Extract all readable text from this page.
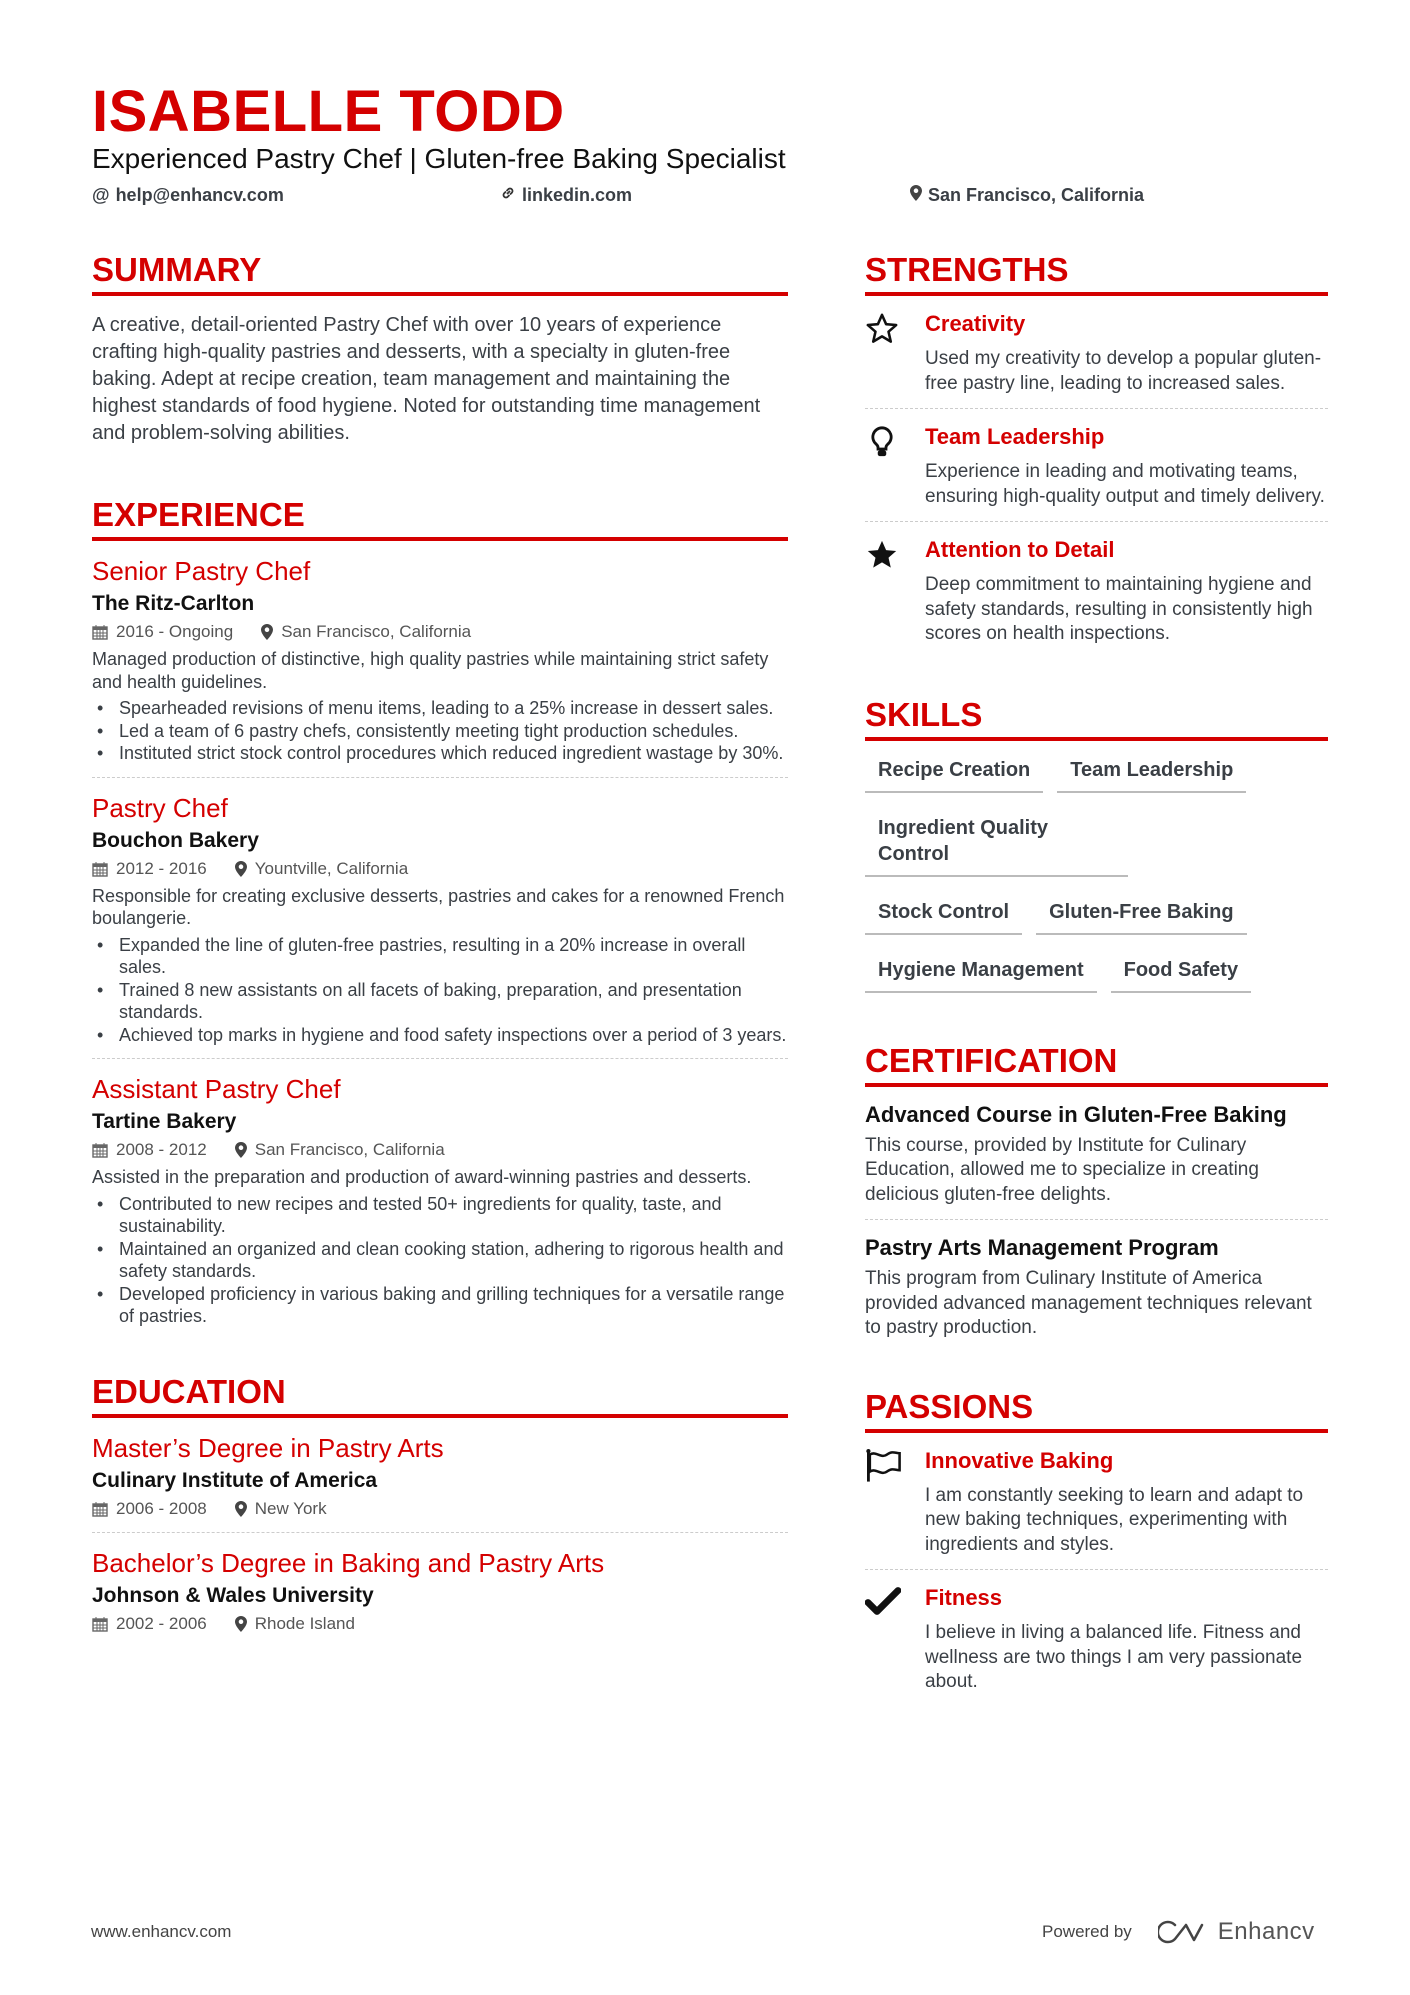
ISABELLE TODD
Experienced Pastry Chef | Gluten-free Baking Specialist
@ help@enhancv.com	linkedin.com	San Francisco, California
SUMMARY

A creative, detail-oriented Pastry Chef with over 10 years of experience crafting high-quality pastries and desserts, with a specialty in gluten-free baking. Adept at recipe creation, team management and maintaining the highest standards of food hygiene. Noted for outstanding time management and problem-solving abilities.

EXPERIENCE
Senior Pastry Chef
The Ritz-Carlton
2016 - Ongoing	San Francisco, California

Managed production of distinctive, high quality pastries while maintaining strict safety and health guidelines.

• Spearheaded revisions of menu items, leading to a 25% increase in dessert sales.
• Led a team of 6 pastry chefs, consistently meeting tight production schedules.
• Instituted strict stock control procedures which reduced ingredient wastage by 30%.
Pastry Chef
Bouchon Bakery
2012 - 2016	Yountville, California

Responsible for creating exclusive desserts, pastries and cakes for a renowned French boulangerie.

• Expanded the line of gluten-free pastries, resulting in a 20% increase in overall sales.
• Trained 8 new assistants on all facets of baking, preparation, and presentation standards.
• Achieved top marks in hygiene and food safety inspections over a period of 3 years.
Assistant Pastry Chef
Tartine Bakery
2008 - 2012	San Francisco, California

Assisted in the preparation and production of award-winning pastries and desserts.

• Contributed to new recipes and tested 50+ ingredients for quality, taste, and sustainability.
• Maintained an organized and clean cooking station, adhering to rigorous health and safety standards.
• Developed proficiency in various baking and grilling techniques for a versatile range of pastries.
EDUCATION
Master’s Degree in Pastry Arts
Culinary Institute of America
2006 - 2008	New York
Bachelor’s Degree in Baking and Pastry Arts
Johnson & Wales University
2002 - 2006	Rhode Island
STRENGTHS
Creativity

Used my creativity to develop a popular gluten-free pastry line, leading to increased sales.

Team Leadership

Experience in leading and motivating teams, ensuring high-quality output and timely delivery.

Attention to Detail

Deep commitment to maintaining hygiene and safety standards, resulting in consistently high scores on health inspections.

SKILLS
Recipe Creation	Team Leadership
Ingredient Quality Control
Stock Control	Gluten-Free Baking
Hygiene Management	Food Safety
CERTIFICATION
Advanced Course in Gluten-Free Baking

This course, provided by Institute for Culinary Education, allowed me to specialize in creating delicious gluten-free delights.

Pastry Arts Management Program

This program from Culinary Institute of America provided advanced management techniques relevant to pastry production.

PASSIONS
Innovative Baking

I am constantly seeking to learn and adapt to new baking techniques, experimenting with ingredients and styles.

Fitness

I believe in living a balanced life. Fitness and wellness are two things I am very passionate about.

www.enhancv.com	Powered by	Enhancv
